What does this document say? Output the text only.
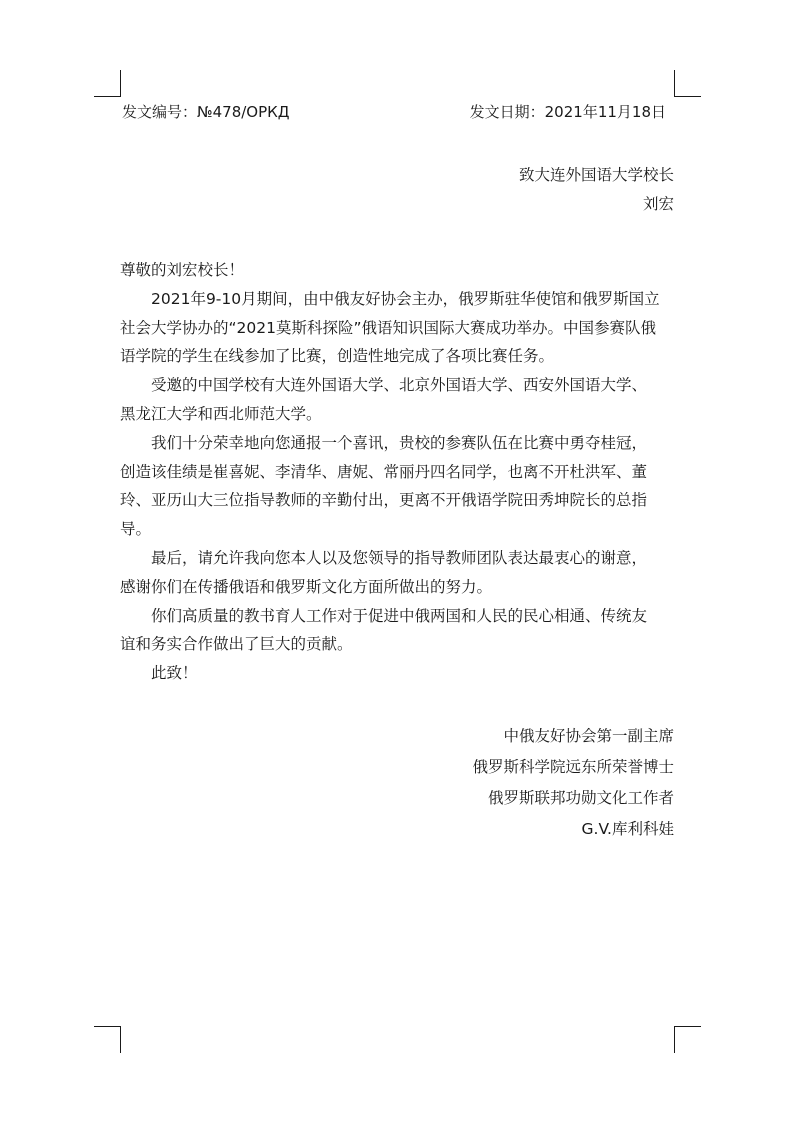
发文编号：№478/ОРКД	发文日期：2021年11月18日
致大连外国语大学校长
刘宏

尊敬的刘宏校长！

2021年9-10月期间，由中俄友好协会主办，俄罗斯驻华使馆和俄罗斯国立
社会大学协办的“2021莫斯科探险”俄语知识国际大赛成功举办。中国参赛队俄
语学院的学生在线参加了比赛，创造性地完成了各项比赛任务。

受邀的中国学校有大连外国语大学、北京外国语大学、西安外国语大学、
黑龙江大学和西北师范大学。

我们十分荣幸地向您通报一个喜讯，贵校的参赛队伍在比赛中勇夺桂冠，
创造该佳绩是崔喜妮、李清华、唐妮、常丽丹四名同学，也离不开杜洪军、董
玲、亚历山大三位指导教师的辛勤付出，更离不开俄语学院田秀坤院长的总指
导。

最后，请允许我向您本人以及您领导的指导教师团队表达最衷心的谢意，
感谢你们在传播俄语和俄罗斯文化方面所做出的努力。

你们高质量的教书育人工作对于促进中俄两国和人民的民心相通、传统友
谊和务实合作做出了巨大的贡献。

此致！

中俄友好协会第一副主席
俄罗斯科学院远东所荣誉博士
俄罗斯联邦功勋文化工作者
G.V.库利科娃
